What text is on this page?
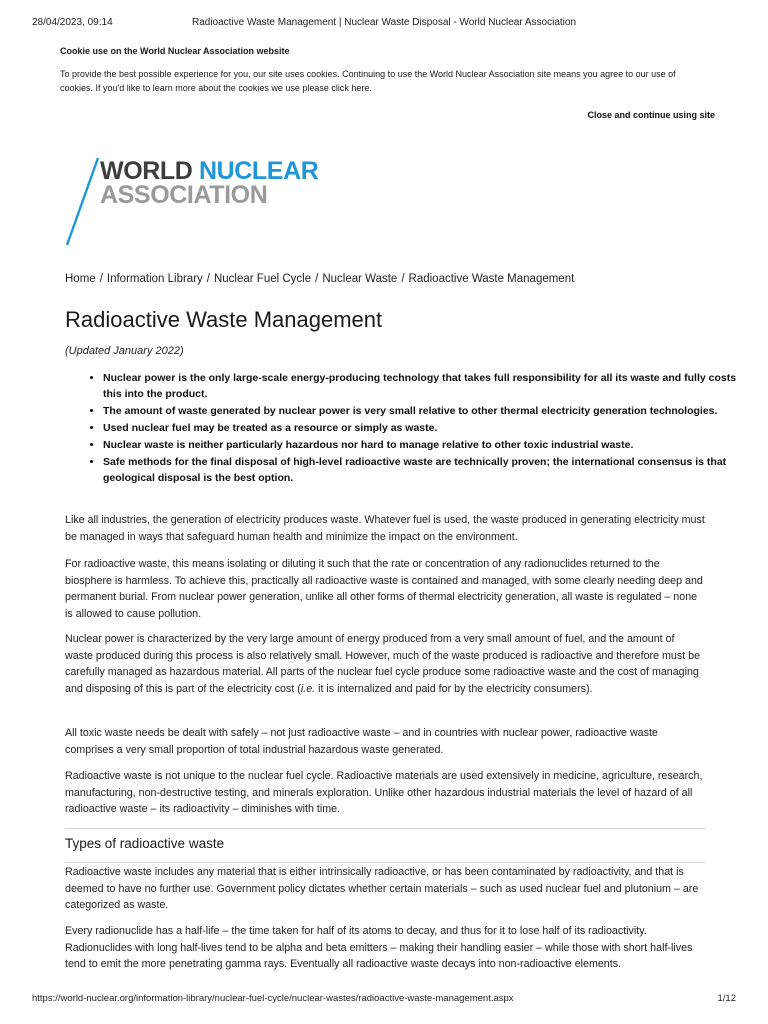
28/04/2023, 09:14	Radioactive Waste Management | Nuclear Waste Disposal - World Nuclear Association
Cookie use on the World Nuclear Association website
To provide the best possible experience for you, our site uses cookies. Continuing to use the World Nuclear Association site means you agree to our use of cookies. If you'd like to learn more about the cookies we use please click here.
Close and continue using site
WORLD NUCLEAR
ASSOCIATION
Home / Information Library / Nuclear Fuel Cycle / Nuclear Waste / Radioactive Waste Management
Radioactive Waste Management
(Updated January 2022)
• Nuclear power is the only large-scale energy-producing technology that takes full responsibility for all its waste and fully costs this into the product.
• The amount of waste generated by nuclear power is very small relative to other thermal electricity generation technologies.
• Used nuclear fuel may be treated as a resource or simply as waste.
• Nuclear waste is neither particularly hazardous nor hard to manage relative to other toxic industrial waste.
• Safe methods for the final disposal of high-level radioactive waste are technically proven; the international consensus is that geological disposal is the best option.

Like all industries, the generation of electricity produces waste. Whatever fuel is used, the waste produced in generating electricity must be managed in ways that safeguard human health and minimize the impact on the environment.

For radioactive waste, this means isolating or diluting it such that the rate or concentration of any radionuclides returned to the biosphere is harmless. To achieve this, practically all radioactive waste is contained and managed, with some clearly needing deep and permanent burial. From nuclear power generation, unlike all other forms of thermal electricity generation, all waste is regulated – none is allowed to cause pollution.

Nuclear power is characterized by the very large amount of energy produced from a very small amount of fuel, and the amount of waste produced during this process is also relatively small. However, much of the waste produced is radioactive and therefore must be carefully managed as hazardous material. All parts of the nuclear fuel cycle produce some radioactive waste and the cost of managing and disposing of this is part of the electricity cost (i.e. it is internalized and paid for by the electricity consumers).

All toxic waste needs be dealt with safely – not just radioactive waste – and in countries with nuclear power, radioactive waste comprises a very small proportion of total industrial hazardous waste generated.

Radioactive waste is not unique to the nuclear fuel cycle. Radioactive materials are used extensively in medicine, agriculture, research, manufacturing, non-destructive testing, and minerals exploration. Unlike other hazardous industrial materials the level of hazard of all radioactive waste – its radioactivity – diminishes with time.

Types of radioactive waste

Radioactive waste includes any material that is either intrinsically radioactive, or has been contaminated by radioactivity, and that is deemed to have no further use. Government policy dictates whether certain materials – such as used nuclear fuel and plutonium – are categorized as waste.

Every radionuclide has a half-life – the time taken for half of its atoms to decay, and thus for it to lose half of its radioactivity. Radionuclides with long half-lives tend to be alpha and beta emitters – making their handling easier – while those with short half-lives tend to emit the more penetrating gamma rays. Eventually all radioactive waste decays into non-radioactive elements.

https://world-nuclear.org/information-library/nuclear-fuel-cycle/nuclear-wastes/radioactive-waste-management.aspx	1/12
